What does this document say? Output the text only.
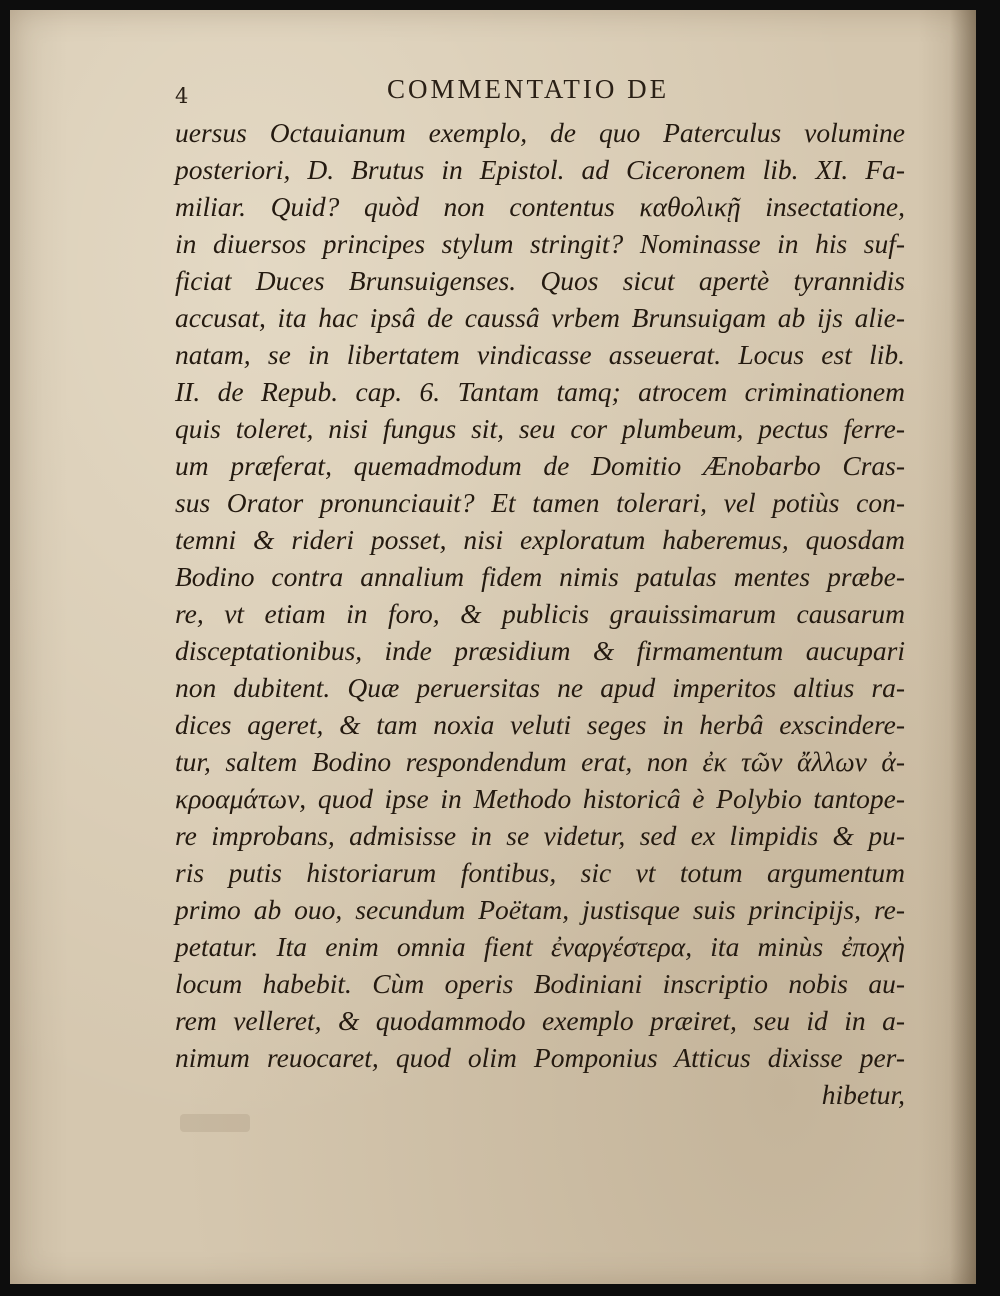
4	COMMENTATIO DE
uersus Octauianum exemplo, de quo Paterculus volumine
posteriori, D. Brutus in Epistol. ad Ciceronem lib. XI. Fa-
miliar. Quid? quòd non contentus καθολικῇ insectatione,
in diuersos principes stylum stringit? Nominasse in his suf-
ficiat Duces Brunsuigenses. Quos sicut apertè tyrannidis
accusat, ita hac ipsâ de caussâ vrbem Brunsuigam ab ijs alie-
natam, se in libertatem vindicasse asseuerat. Locus est lib.
II. de Repub. cap. 6. Tantam tamq; atrocem criminationem
quis toleret, nisi fungus sit, seu cor plumbeum, pectus ferre-
um præferat, quemadmodum de Domitio Ænobarbo Cras-
sus Orator pronunciauit? Et tamen tolerari, vel potiùs con-
temni & rideri posset, nisi exploratum haberemus, quosdam
Bodino contra annalium fidem nimis patulas mentes præbe-
re, vt etiam in foro, & publicis grauissimarum causarum
disceptationibus, inde præsidium & firmamentum aucupari
non dubitent. Quæ peruersitas ne apud imperitos altius ra-
dices ageret, & tam noxia veluti seges in herbâ exscindere-
tur, saltem Bodino respondendum erat, non ἐκ τῶν ἄλλων ἀ-
κροαμάτων, quod ipse in Methodo historicâ è Polybio tantope-
re improbans, admisisse in se videtur, sed ex limpidis & pu-
ris putis historiarum fontibus, sic vt totum argumentum
primo ab ouo, secundum Poëtam, justisque suis principijs, re-
petatur. Ita enim omnia fient ἐναργέστερα, ita minùs ἐποχὴ
locum habebit. Cùm operis Bodiniani inscriptio nobis au-
rem velleret, & quodammodo exemplo præiret, seu id in a-
nimum reuocaret, quod olim Pomponius Atticus dixisse per-
hibetur,
